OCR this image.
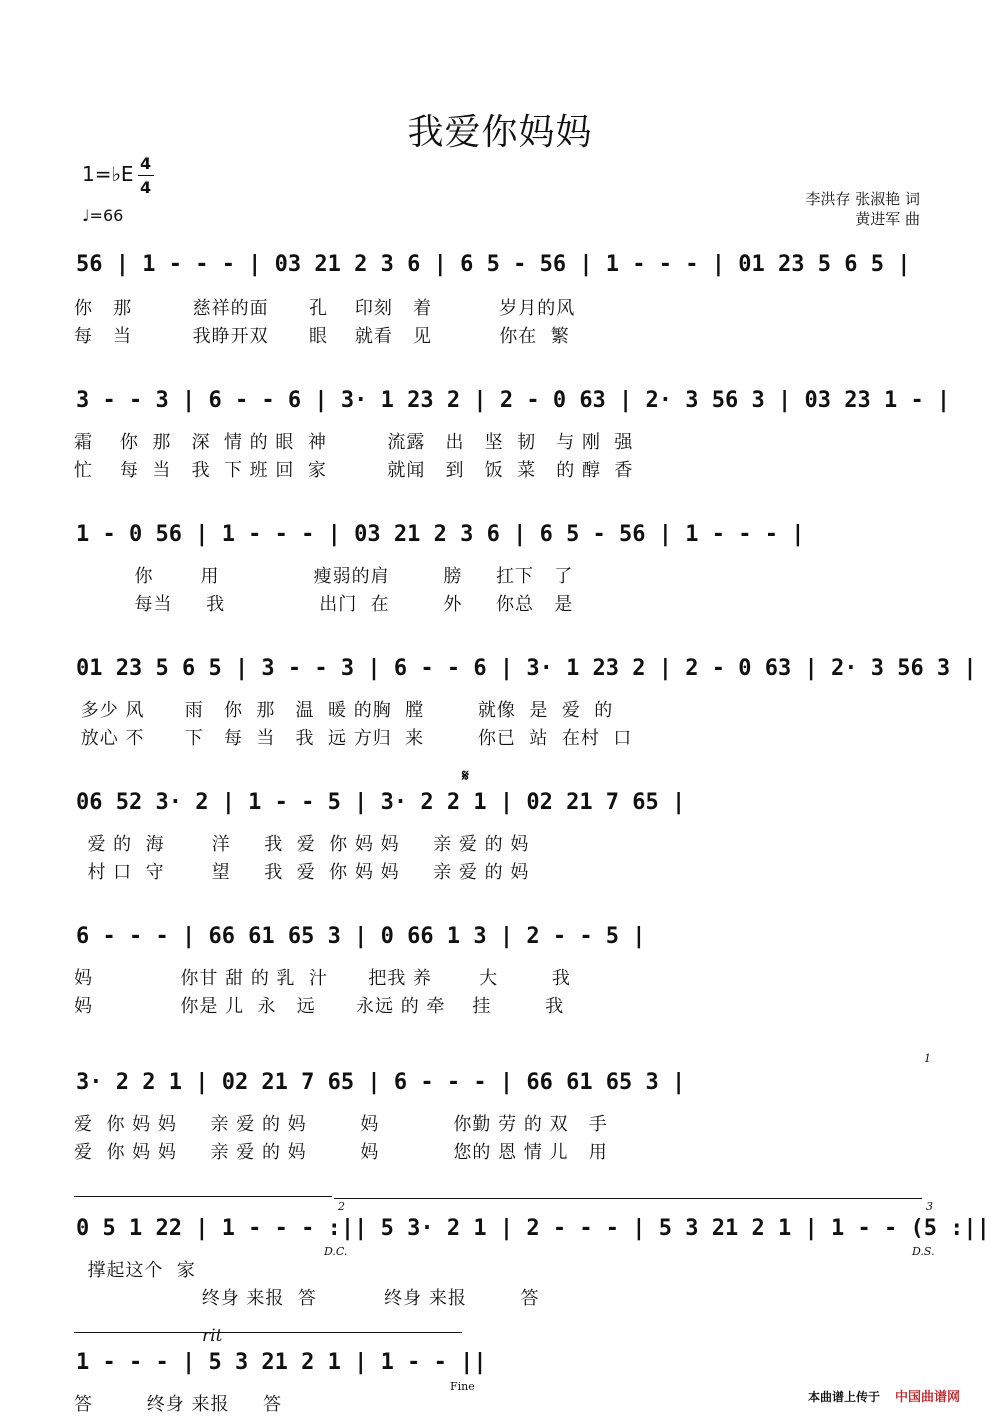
我爱你妈妈
1=♭E 4
4
♩=66
李洪存 张淑艳 词
黄进军 曲
56 | 1 - - - | 03 21 2 3 6 | 6 5 - 56 | 1 - - - | 01 23 5 6 5 |
你   那         慈祥的面      孔    印刻   着          岁月的风
每   当         我睁开双      眼    就看   见          你在  繁
3 - - 3 | 6 - - 6 | 3· 1 23 2 | 2 - 0 63 | 2· 3 56 3 | 03 23 1 - |
霜    你  那   深  情 的 眼  神         流露   出   坚  韧   与 刚  强
忙    每  当   我  下 班 回  家         就闻   到   饭  菜   的 醇  香
1 - 0 56 | 1 - - - | 03 21 2 3 6 | 6 5 - 56 | 1 - - - |
你       用              瘦弱的肩        膀     扛下   了
每当     我              出门  在        外     你总   是
01 23 5 6 5 | 3 - - 3 | 6 - - 6 | 3· 1 23 2 | 2 - 0 63 | 2· 3 56 3 |
多少 风      雨   你  那   温  暖 的胸  膛        就像  是  爱  的
放心 不      下   每  当   我  远 方归  来        你已  站  在村  口
𝄋
06 52 3· 2 | 1 - - 5 | 3· 2 2 1 | 02 21 7 65 |
爱 的  海       洋     我  爱  你 妈 妈     亲 爱 的 妈
村 口  守       望     我  爱  你 妈 妈     亲 爱 的 妈
6 - - - | 66 61 65 3 | 0 66 1 3 | 2 - - 5 |
妈             你甘 甜 的 乳  汁      把我 养       大        我
妈             你是 儿  永   远      永远 的 牵    挂        我
1
3· 2 2 1 | 02 21 7 65 | 6 - - - | 66 61 65 3 |
爱  你 妈 妈     亲 爱 的 妈        妈           你勤 劳 的 双   手
爱  你 妈 妈     亲 爱 的 妈        妈           您的 恩 情 儿   用
2	3
0 5 1 22 | 1 - - - :|| 5 3· 2 1 | 2 - - - | 5 3 21 2 1 | 1 - - (5 :||
D.C.	D.S.
撑起这个  家
终身 来报  答          终身 来报        答
rit
1 - - - | 5 3 21 2 1 | 1 - - ||
Fine
答        终身 来报     答	本曲谱上传于 中国曲谱网
